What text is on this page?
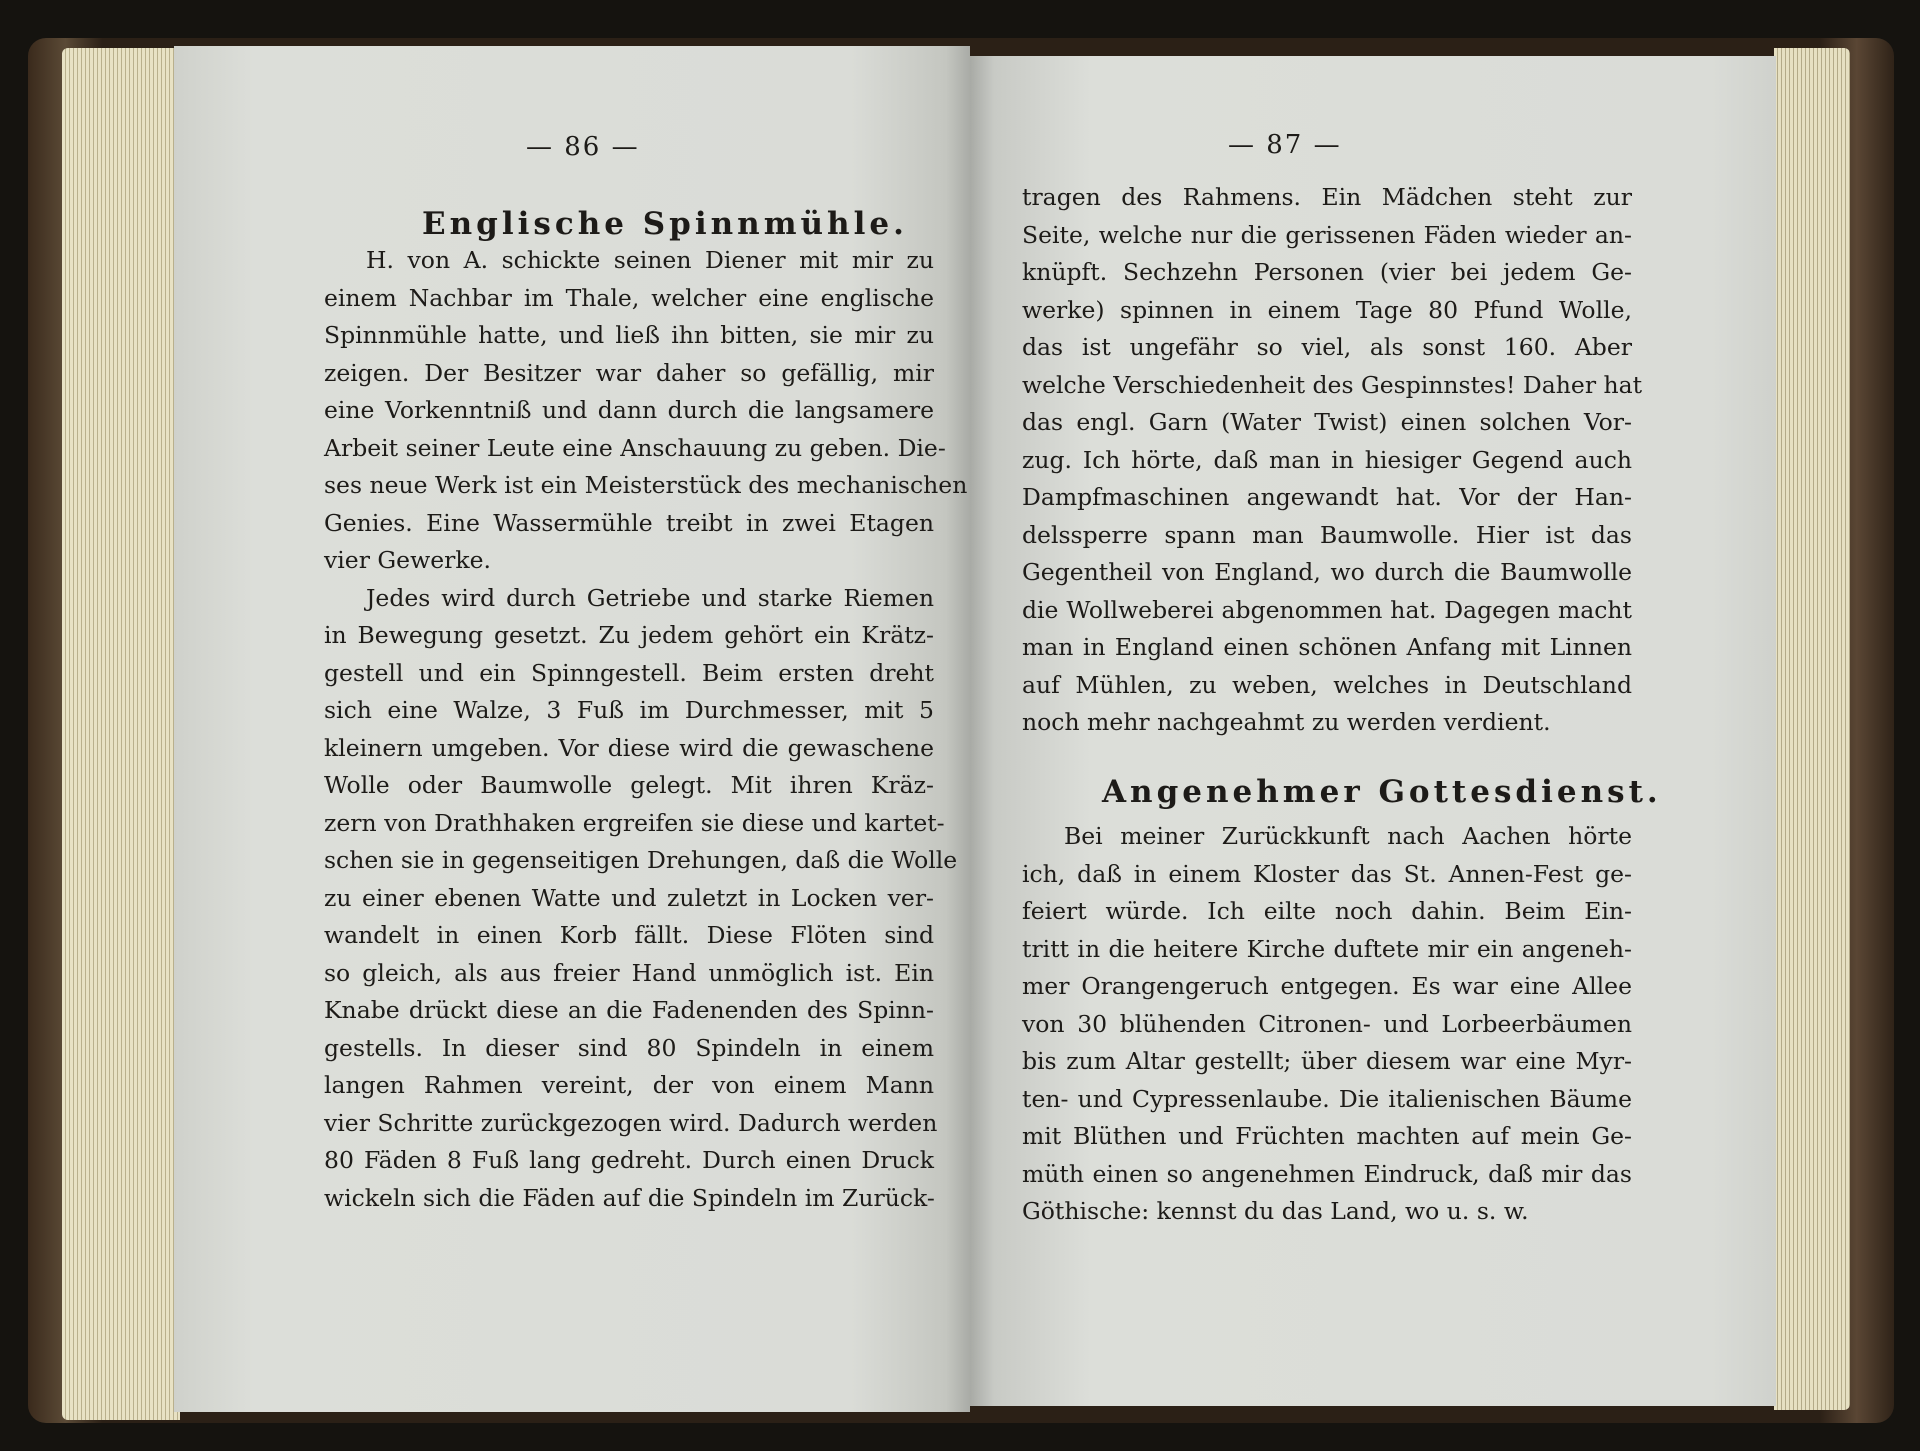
— 86 —
Englische Spinnmühle.
H. von A. schickte seinen Diener mit mir zu
einem Nachbar im Thale, welcher eine englische
Spinnmühle hatte, und ließ ihn bitten, sie mir zu
zeigen. Der Besitzer war daher so gefällig, mir
eine Vorkenntniß und dann durch die langsamere
Arbeit seiner Leute eine Anschauung zu geben. Die-
ses neue Werk ist ein Meisterstück des mechanischen
Genies. Eine Wassermühle treibt in zwei Etagen
vier Gewerke.
Jedes wird durch Getriebe und starke Riemen
in Bewegung gesetzt. Zu jedem gehört ein Krätz-
gestell und ein Spinngestell. Beim ersten dreht
sich eine Walze, 3 Fuß im Durchmesser, mit 5
kleinern umgeben. Vor diese wird die gewaschene
Wolle oder Baumwolle gelegt. Mit ihren Kräz-
zern von Drathhaken ergreifen sie diese und kartet-
schen sie in gegenseitigen Drehungen, daß die Wolle
zu einer ebenen Watte und zuletzt in Locken ver-
wandelt in einen Korb fällt. Diese Flöten sind
so gleich, als aus freier Hand unmöglich ist. Ein
Knabe drückt diese an die Fadenenden des Spinn-
gestells. In dieser sind 80 Spindeln in einem
langen Rahmen vereint, der von einem Mann
vier Schritte zurückgezogen wird. Dadurch werden
80 Fäden 8 Fuß lang gedreht. Durch einen Druck
wickeln sich die Fäden auf die Spindeln im Zurück-
— 87 —
tragen des Rahmens. Ein Mädchen steht zur
Seite, welche nur die gerissenen Fäden wieder an-
knüpft. Sechzehn Personen (vier bei jedem Ge-
werke) spinnen in einem Tage 80 Pfund Wolle,
das ist ungefähr so viel, als sonst 160. Aber
welche Verschiedenheit des Gespinnstes! Daher hat
das engl. Garn (Water Twist) einen solchen Vor-
zug. Ich hörte, daß man in hiesiger Gegend auch
Dampfmaschinen angewandt hat. Vor der Han-
delssperre spann man Baumwolle. Hier ist das
Gegentheil von England, wo durch die Baumwolle
die Wollweberei abgenommen hat. Dagegen macht
man in England einen schönen Anfang mit Linnen
auf Mühlen, zu weben, welches in Deutschland
noch mehr nachgeahmt zu werden verdient.
Angenehmer Gottesdienst.
Bei meiner Zurückkunft nach Aachen hörte
ich, daß in einem Kloster das St. Annen-Fest ge-
feiert würde. Ich eilte noch dahin. Beim Ein-
tritt in die heitere Kirche duftete mir ein angeneh-
mer Orangengeruch entgegen. Es war eine Allee
von 30 blühenden Citronen- und Lorbeerbäumen
bis zum Altar gestellt; über diesem war eine Myr-
ten- und Cypressenlaube. Die italienischen Bäume
mit Blüthen und Früchten machten auf mein Ge-
müth einen so angenehmen Eindruck, daß mir das
Göthische: kennst du das Land, wo u. s. w.
